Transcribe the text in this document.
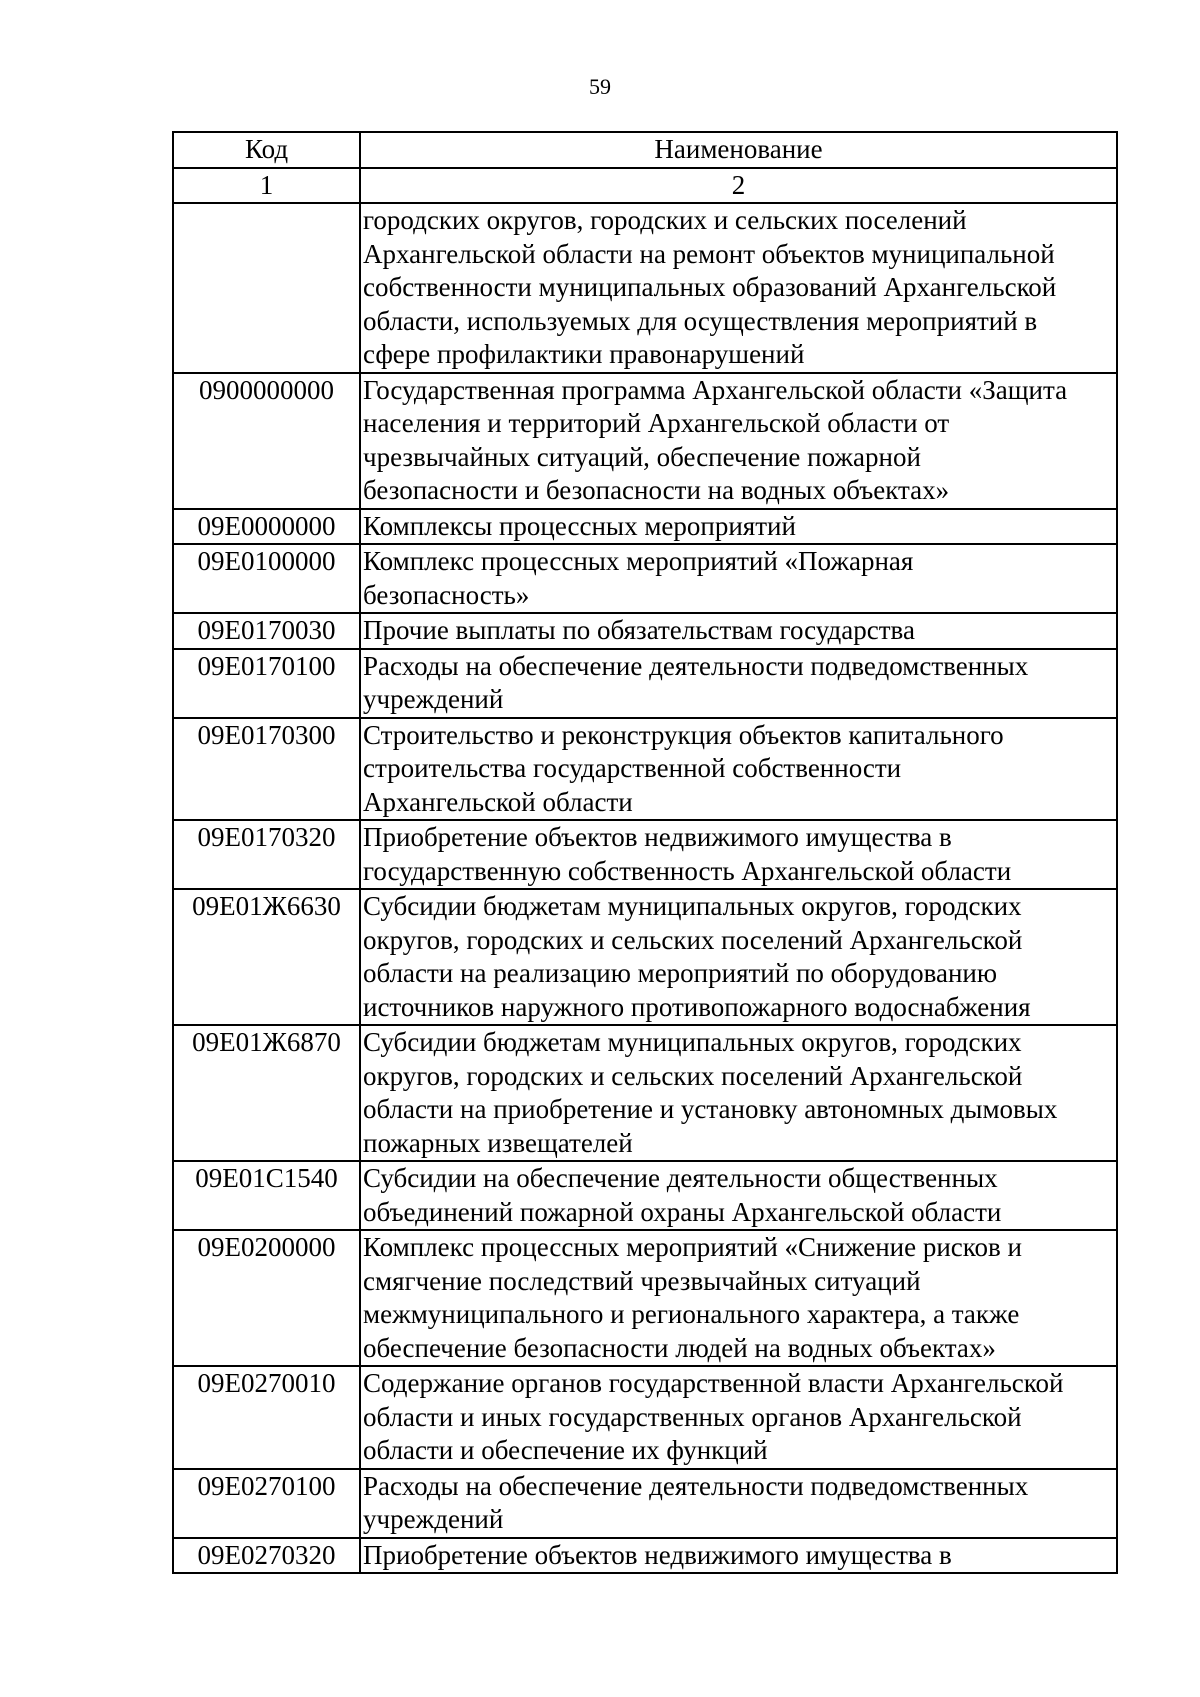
59
Код	Наименование
1	2
	городских округов, городских и сельских поселений
Архангельской области на ремонт объектов муниципальной
собственности муниципальных образований Архангельской
области, используемых для осуществления мероприятий в
сфере профилактики правонарушений
0900000000	Государственная программа Архангельской области «Защита
населения и территорий Архангельской области от
чрезвычайных ситуаций, обеспечение пожарной
безопасности и безопасности на водных объектах»
09Е0000000	Комплексы процессных мероприятий
09Е0100000	Комплекс процессных мероприятий «Пожарная
безопасность»
09Е0170030	Прочие выплаты по обязательствам государства
09Е0170100	Расходы на обеспечение деятельности подведомственных
учреждений
09Е0170300	Строительство и реконструкция объектов капитального
строительства государственной собственности
Архангельской области
09Е0170320	Приобретение объектов недвижимого имущества в
государственную собственность Архангельской области
09Е01Ж6630	Субсидии бюджетам муниципальных округов, городских
округов, городских и сельских поселений Архангельской
области на реализацию мероприятий по оборудованию
источников наружного противопожарного водоснабжения
09Е01Ж6870	Субсидии бюджетам муниципальных округов, городских
округов, городских и сельских поселений Архангельской
области на приобретение и установку автономных дымовых
пожарных извещателей
09Е01С1540	Субсидии на обеспечение деятельности общественных
объединений пожарной охраны Архангельской области
09Е0200000	Комплекс процессных мероприятий «Снижение рисков и
смягчение последствий чрезвычайных ситуаций
межмуниципального и регионального характера, а также
обеспечение безопасности людей на водных объектах»
09Е0270010	Содержание органов государственной власти Архангельской
области и иных государственных органов Архангельской
области и обеспечение их функций
09Е0270100	Расходы на обеспечение деятельности подведомственных
учреждений
09Е0270320	Приобретение объектов недвижимого имущества в
